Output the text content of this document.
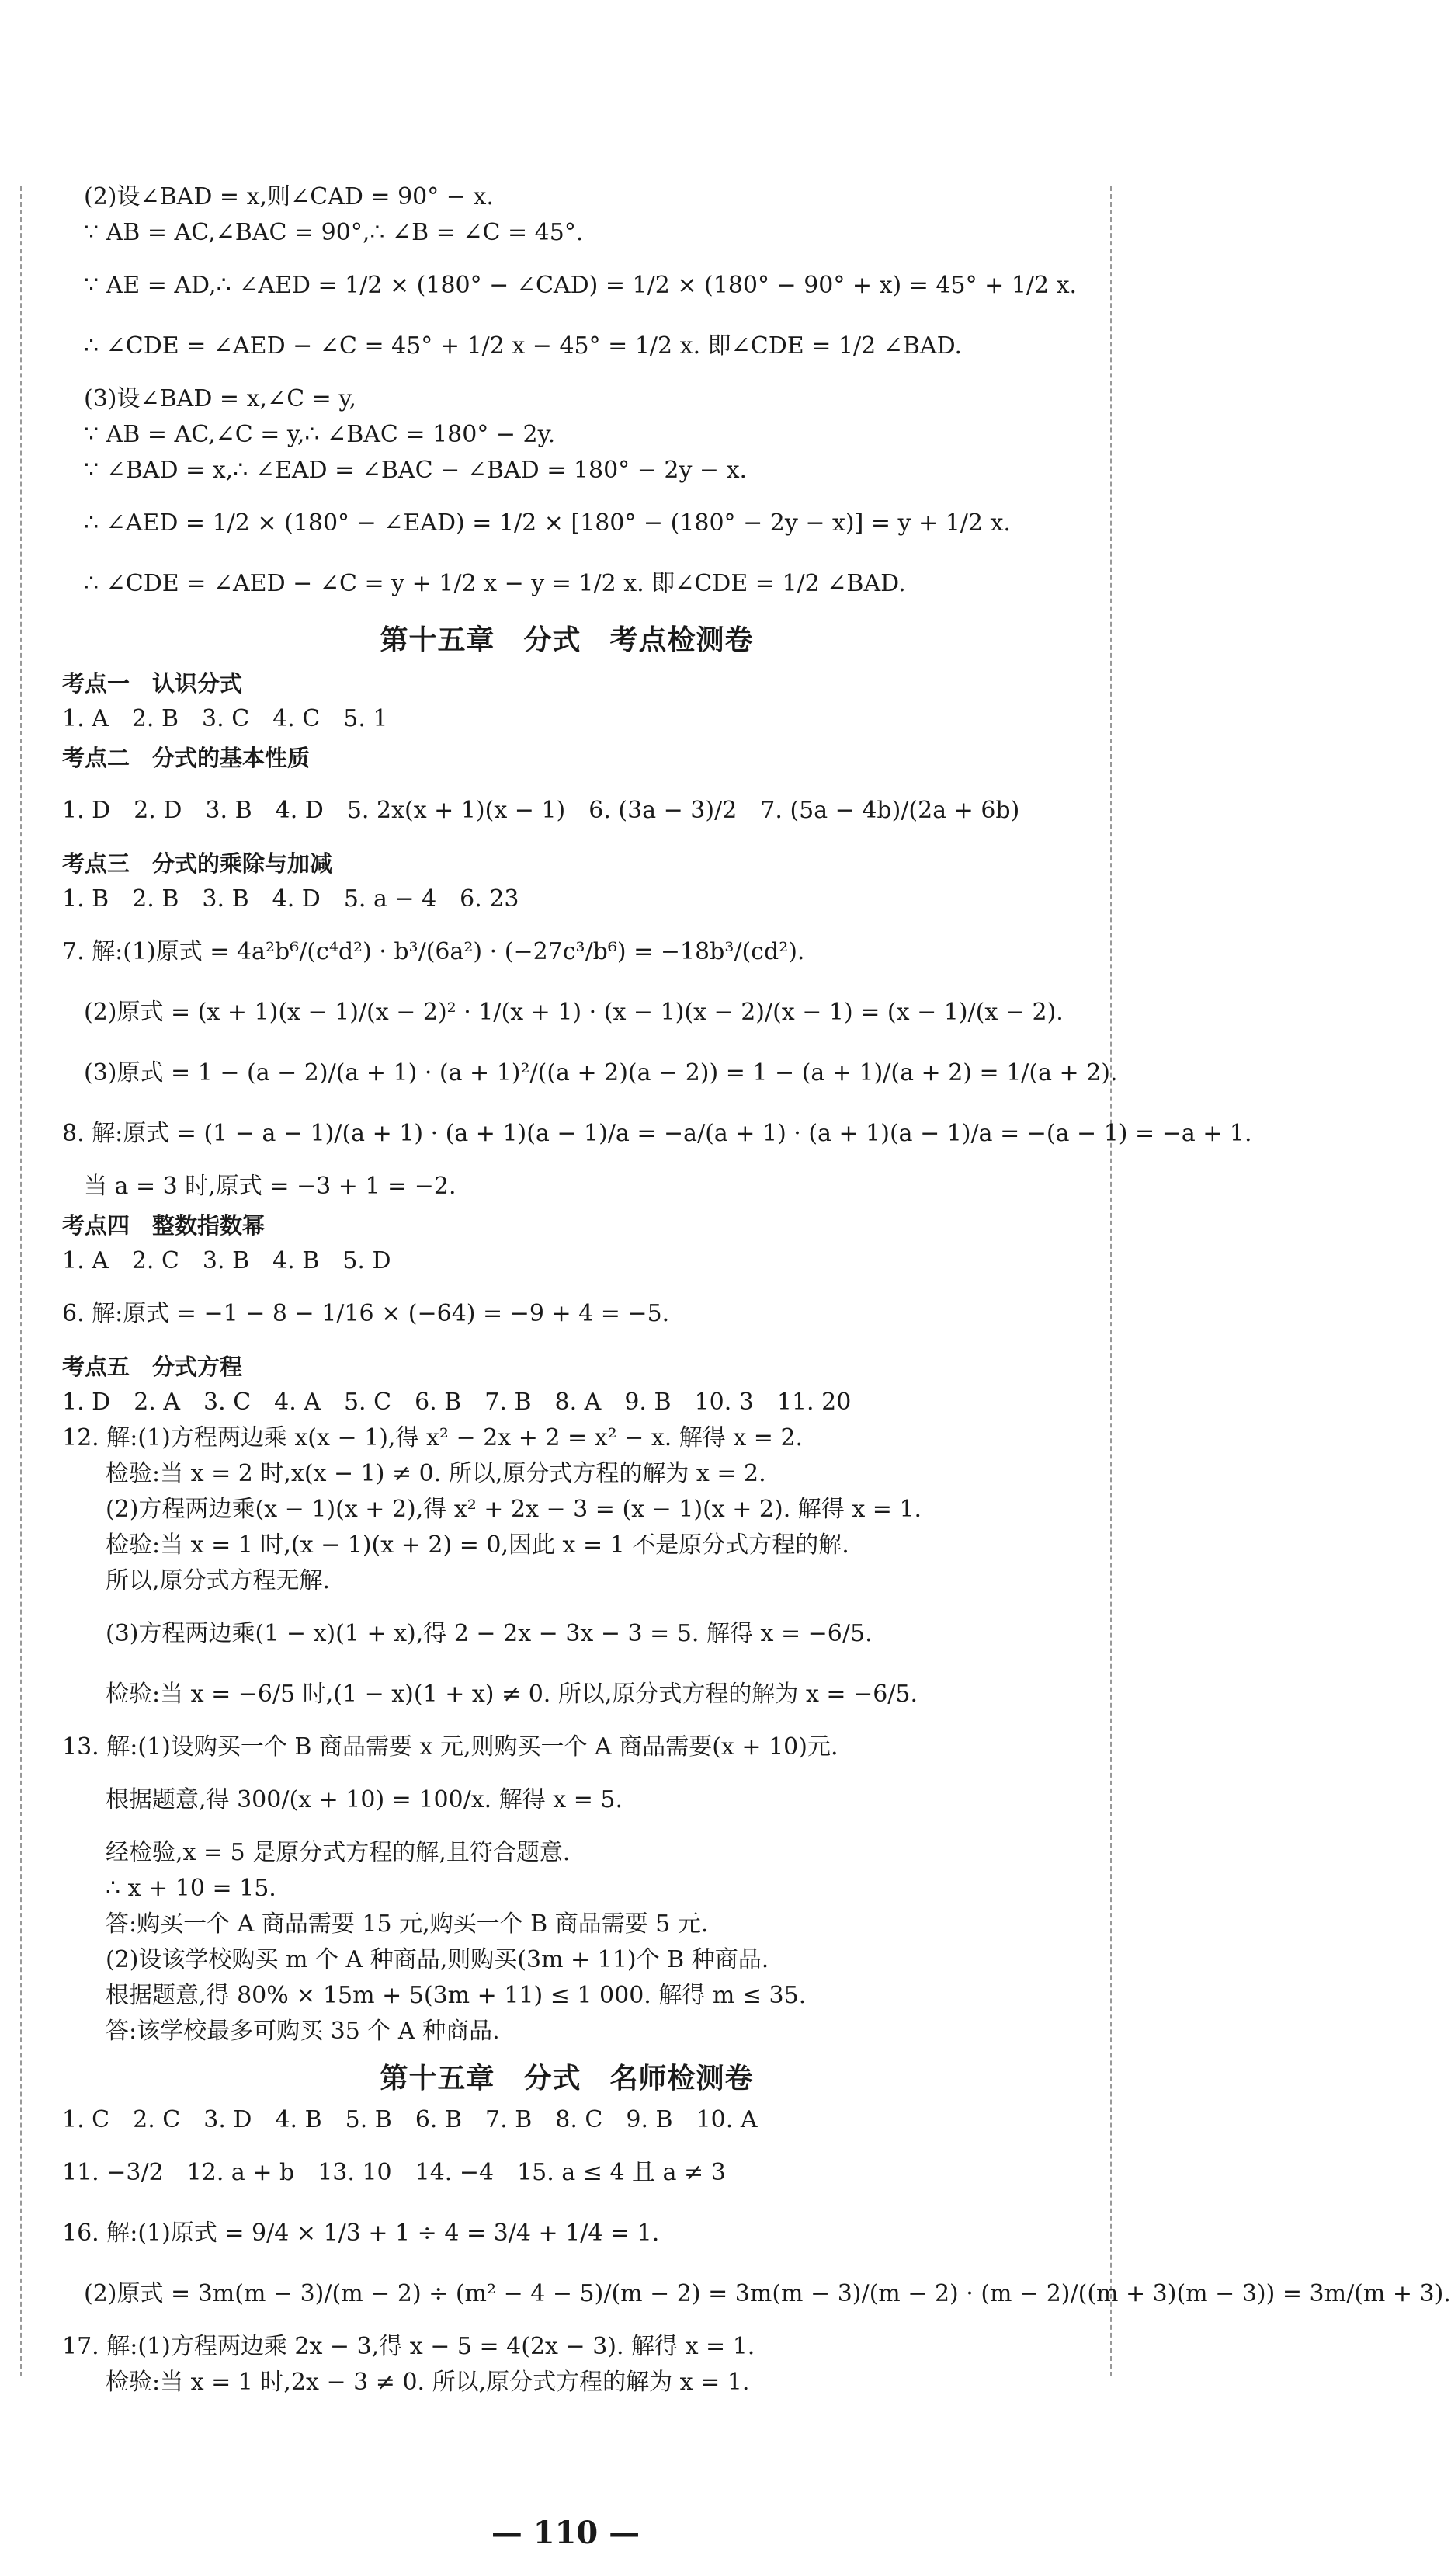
(2)设∠BAD = x,则∠CAD = 90° − x.
∵ AB = AC,∠BAC = 90°,∴ ∠B = ∠C = 45°.
∵ AE = AD,∴ ∠AED = 1/2 × (180° − ∠CAD) = 1/2 × (180° − 90° + x) = 45° + 1/2 x.
∴ ∠CDE = ∠AED − ∠C = 45° + 1/2 x − 45° = 1/2 x. 即∠CDE = 1/2 ∠BAD.
(3)设∠BAD = x,∠C = y,
∵ AB = AC,∠C = y,∴ ∠BAC = 180° − 2y.
∵ ∠BAD = x,∴ ∠EAD = ∠BAC − ∠BAD = 180° − 2y − x.
∴ ∠AED = 1/2 × (180° − ∠EAD) = 1/2 × [180° − (180° − 2y − x)] = y + 1/2 x.
∴ ∠CDE = ∠AED − ∠C = y + 1/2 x − y = 1/2 x. 即∠CDE = 1/2 ∠BAD.
第十五章　分式　考点检测卷
考点一　认识分式
1. A　2. B　3. C　4. C　5. 1
考点二　分式的基本性质
1. D　2. D　3. B　4. D　5. 2x(x + 1)(x − 1)　6. (3a − 3)/2　7. (5a − 4b)/(2a + 6b)
考点三　分式的乘除与加减
1. B　2. B　3. B　4. D　5. a − 4　6. 23
7. 解:(1)原式 = 4a²b⁶/(c⁴d²) · b³/(6a²) · (−27c³/b⁶) = −18b³/(cd²).
(2)原式 = (x + 1)(x − 1)/(x − 2)² · 1/(x + 1) · (x − 1)(x − 2)/(x − 1) = (x − 1)/(x − 2).
(3)原式 = 1 − (a − 2)/(a + 1) · (a + 1)²/((a + 2)(a − 2)) = 1 − (a + 1)/(a + 2) = 1/(a + 2).
8. 解:原式 = (1 − a − 1)/(a + 1) · (a + 1)(a − 1)/a = −a/(a + 1) · (a + 1)(a − 1)/a = −(a − 1) = −a + 1.
当 a = 3 时,原式 = −3 + 1 = −2.
考点四　整数指数幂
1. A　2. C　3. B　4. B　5. D
6. 解:原式 = −1 − 8 − 1/16 × (−64) = −9 + 4 = −5.
考点五　分式方程
1. D　2. A　3. C　4. A　5. C　6. B　7. B　8. A　9. B　10. 3　11. 20
12. 解:(1)方程两边乘 x(x − 1),得 x² − 2x + 2 = x² − x. 解得 x = 2.
检验:当 x = 2 时,x(x − 1) ≠ 0. 所以,原分式方程的解为 x = 2.
(2)方程两边乘(x − 1)(x + 2),得 x² + 2x − 3 = (x − 1)(x + 2). 解得 x = 1.
检验:当 x = 1 时,(x − 1)(x + 2) = 0,因此 x = 1 不是原分式方程的解.
所以,原分式方程无解.
(3)方程两边乘(1 − x)(1 + x),得 2 − 2x − 3x − 3 = 5. 解得 x = −6/5.
检验:当 x = −6/5 时,(1 − x)(1 + x) ≠ 0. 所以,原分式方程的解为 x = −6/5.
13. 解:(1)设购买一个 B 商品需要 x 元,则购买一个 A 商品需要(x + 10)元.
根据题意,得 300/(x + 10) = 100/x. 解得 x = 5.
经检验,x = 5 是原分式方程的解,且符合题意.
∴ x + 10 = 15.
答:购买一个 A 商品需要 15 元,购买一个 B 商品需要 5 元.
(2)设该学校购买 m 个 A 种商品,则购买(3m + 11)个 B 种商品.
根据题意,得 80% × 15m + 5(3m + 11) ≤ 1 000. 解得 m ≤ 35.
答:该学校最多可购买 35 个 A 种商品.
第十五章　分式　名师检测卷
1. C　2. C　3. D　4. B　5. B　6. B　7. B　8. C　9. B　10. A
11. −3/2　12. a + b　13. 10　14. −4　15. a ≤ 4 且 a ≠ 3
16. 解:(1)原式 = 9/4 × 1/3 + 1 ÷ 4 = 3/4 + 1/4 = 1.
(2)原式 = 3m(m − 3)/(m − 2) ÷ (m² − 4 − 5)/(m − 2) = 3m(m − 3)/(m − 2) · (m − 2)/((m + 3)(m − 3)) = 3m/(m + 3).
17. 解:(1)方程两边乘 2x − 3,得 x − 5 = 4(2x − 3). 解得 x = 1.
检验:当 x = 1 时,2x − 3 ≠ 0. 所以,原分式方程的解为 x = 1.
— 110 —
